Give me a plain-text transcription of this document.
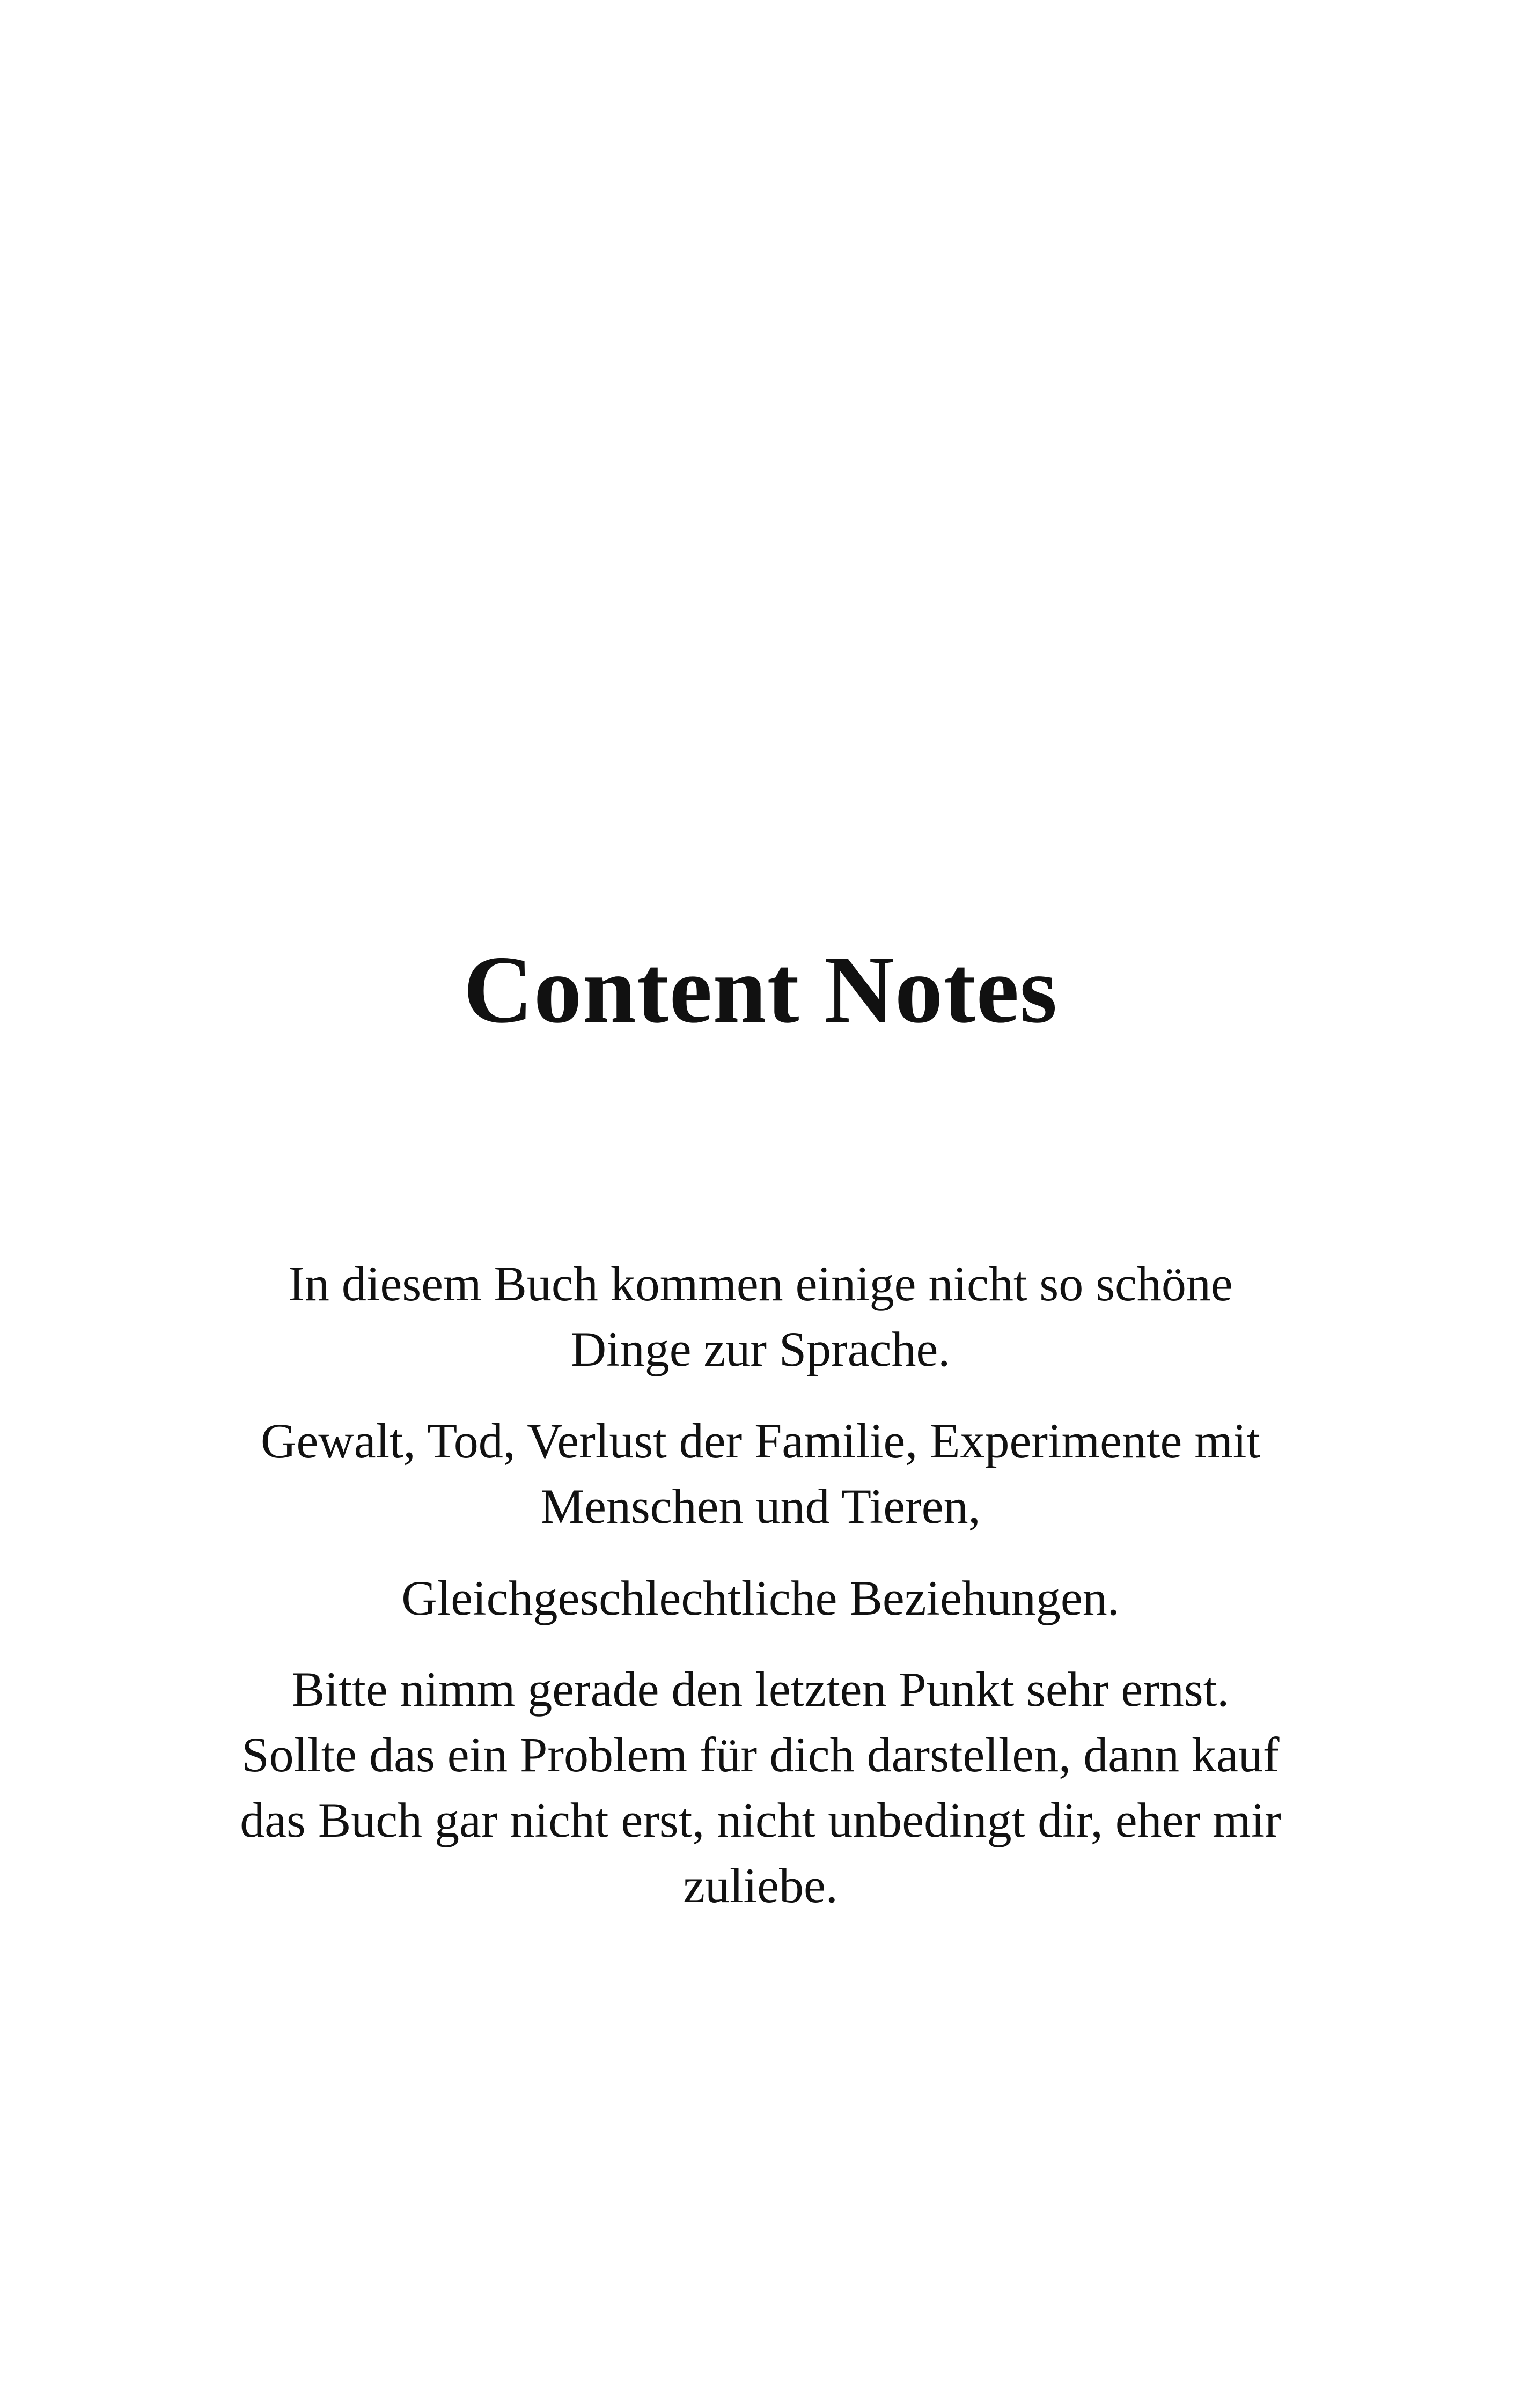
Content Notes

In diesem Buch kommen einige nicht so schöne
Dinge zur Sprache.

Gewalt, Tod, Verlust der Familie, Experimente mit
Menschen und Tieren,

Gleichgeschlechtliche Beziehungen.

Bitte nimm gerade den letzten Punkt sehr ernst.
Sollte das ein Problem für dich darstellen, dann kauf
das Buch gar nicht erst, nicht unbedingt dir, eher mir
zuliebe.
